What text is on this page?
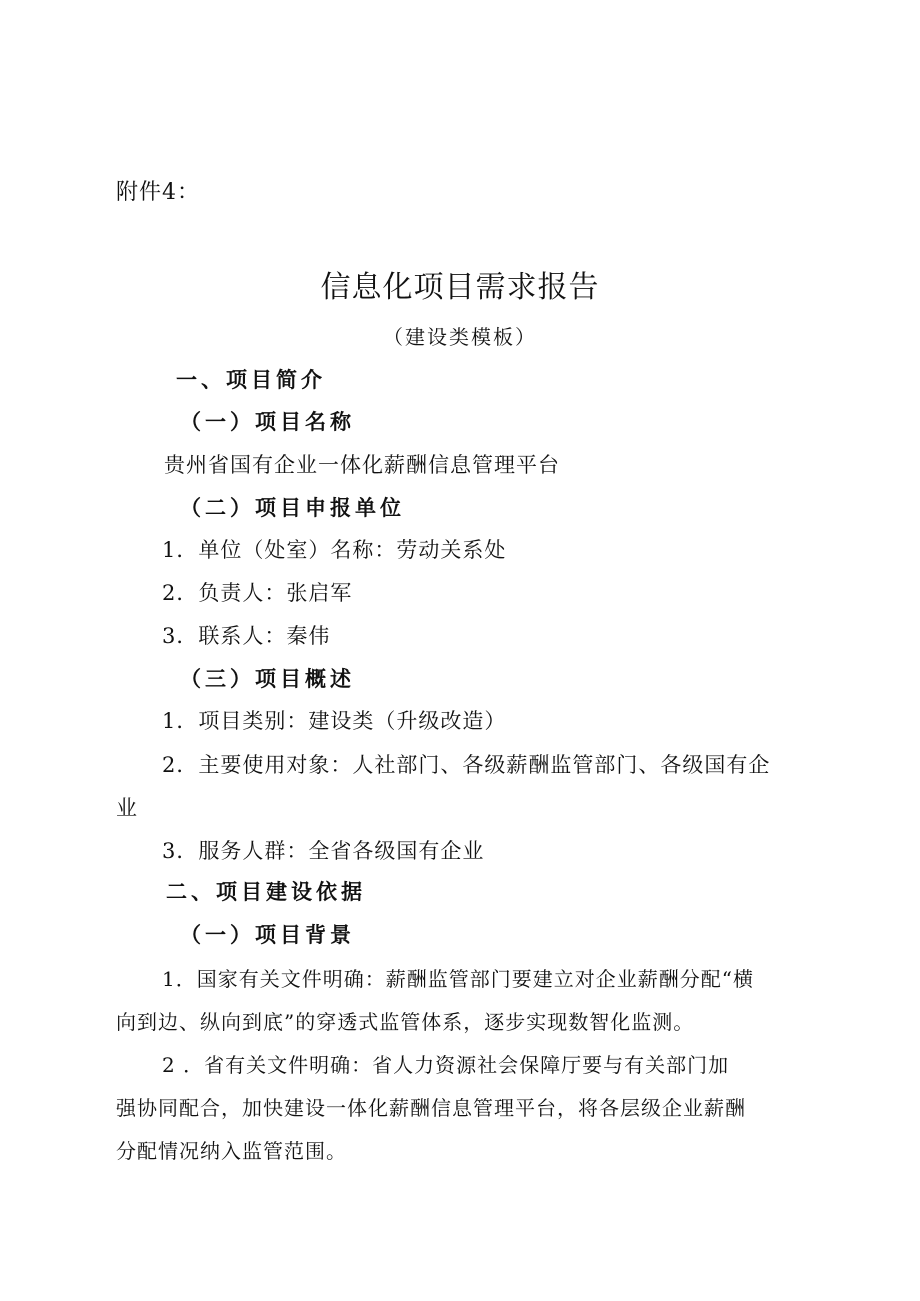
附件4：
信息化项目需求报告
（建设类模板）
一、项目简介
（一）项目名称
贵州省国有企业一体化薪酬信息管理平台
（二）项目申报单位
1．单位（处室）名称：劳动关系处
2．负责人：张启军
3．联系人：秦伟
（三）项目概述
1．项目类别：建设类（升级改造）
2．主要使用对象：人社部门、各级薪酬监管部门、各级国有企
业
3．服务人群：全省各级国有企业
二、项目建设依据
（一）项目背景
1．国家有关文件明确：薪酬监管部门要建立对企业薪酬分配“横
向到边、纵向到底”的穿透式监管体系，逐步实现数智化监测。
2 ．省有关文件明确：省人力资源社会保障厅要与有关部门加
强协同配合，加快建设一体化薪酬信息管理平台，将各层级企业薪酬
分配情况纳入监管范围。
